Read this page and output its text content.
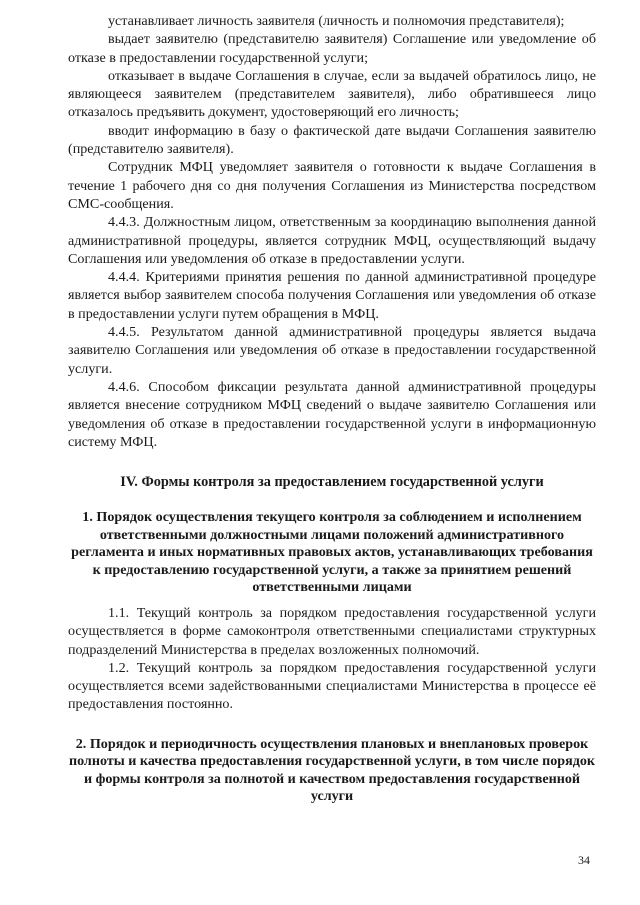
устанавливает личность заявителя (личность и полномочия представителя);

выдает заявителю (представителю заявителя) Соглашение или уведомление об отказе в предоставлении государственной услуги;

отказывает в выдаче Соглашения в случае, если за выдачей обратилось лицо, не являющееся заявителем (представителем заявителя), либо обратившееся лицо отказалось предъявить документ, удостоверяющий его личность;

вводит информацию в базу о фактической дате выдачи Соглашения заявителю (представителю заявителя).

Сотрудник МФЦ уведомляет заявителя о готовности к выдаче Соглашения в течение 1 рабочего дня со дня получения Соглашения из Министерства посредством СМС-сообщения.

4.4.3. Должностным лицом, ответственным за координацию выполнения данной административной процедуры, является сотрудник МФЦ, осуществляющий выдачу Соглашения или уведомления об отказе в предоставлении услуги.

4.4.4. Критериями принятия решения по данной административной процедуре является выбор заявителем способа получения Соглашения или уведомления об отказе в предоставлении услуги путем обращения в МФЦ.

4.4.5. Результатом данной административной процедуры является выдача заявителю Соглашения или уведомления об отказе в предоставлении государственной услуги.

4.4.6. Способом фиксации результата данной административной процедуры является внесение сотрудником МФЦ сведений о выдаче заявителю Соглашения или уведомления об отказе в предоставлении государственной услуги в информационную систему МФЦ.

IV. Формы контроля за предоставлением государственной услуги
1. Порядок осуществления текущего контроля за соблюдением и исполнением ответственными должностными лицами положений административного регламента и иных нормативных правовых актов, устанавливающих требования к предоставлению государственной услуги, а также за принятием решений ответственными лицами

1.1. Текущий контроль за порядком предоставления государственной услуги осуществляется в форме самоконтроля ответственными специалистами структурных подразделений Министерства в пределах возложенных полномочий.

1.2. Текущий контроль за порядком предоставления государственной услуги осуществляется всеми задействованными специалистами Министерства в процессе её предоставления постоянно.

2. Порядок и периодичность осуществления плановых и внеплановых проверок полноты и качества предоставления государственной услуги, в том числе порядок и формы контроля за полнотой и качеством предоставления государственной услуги
34
